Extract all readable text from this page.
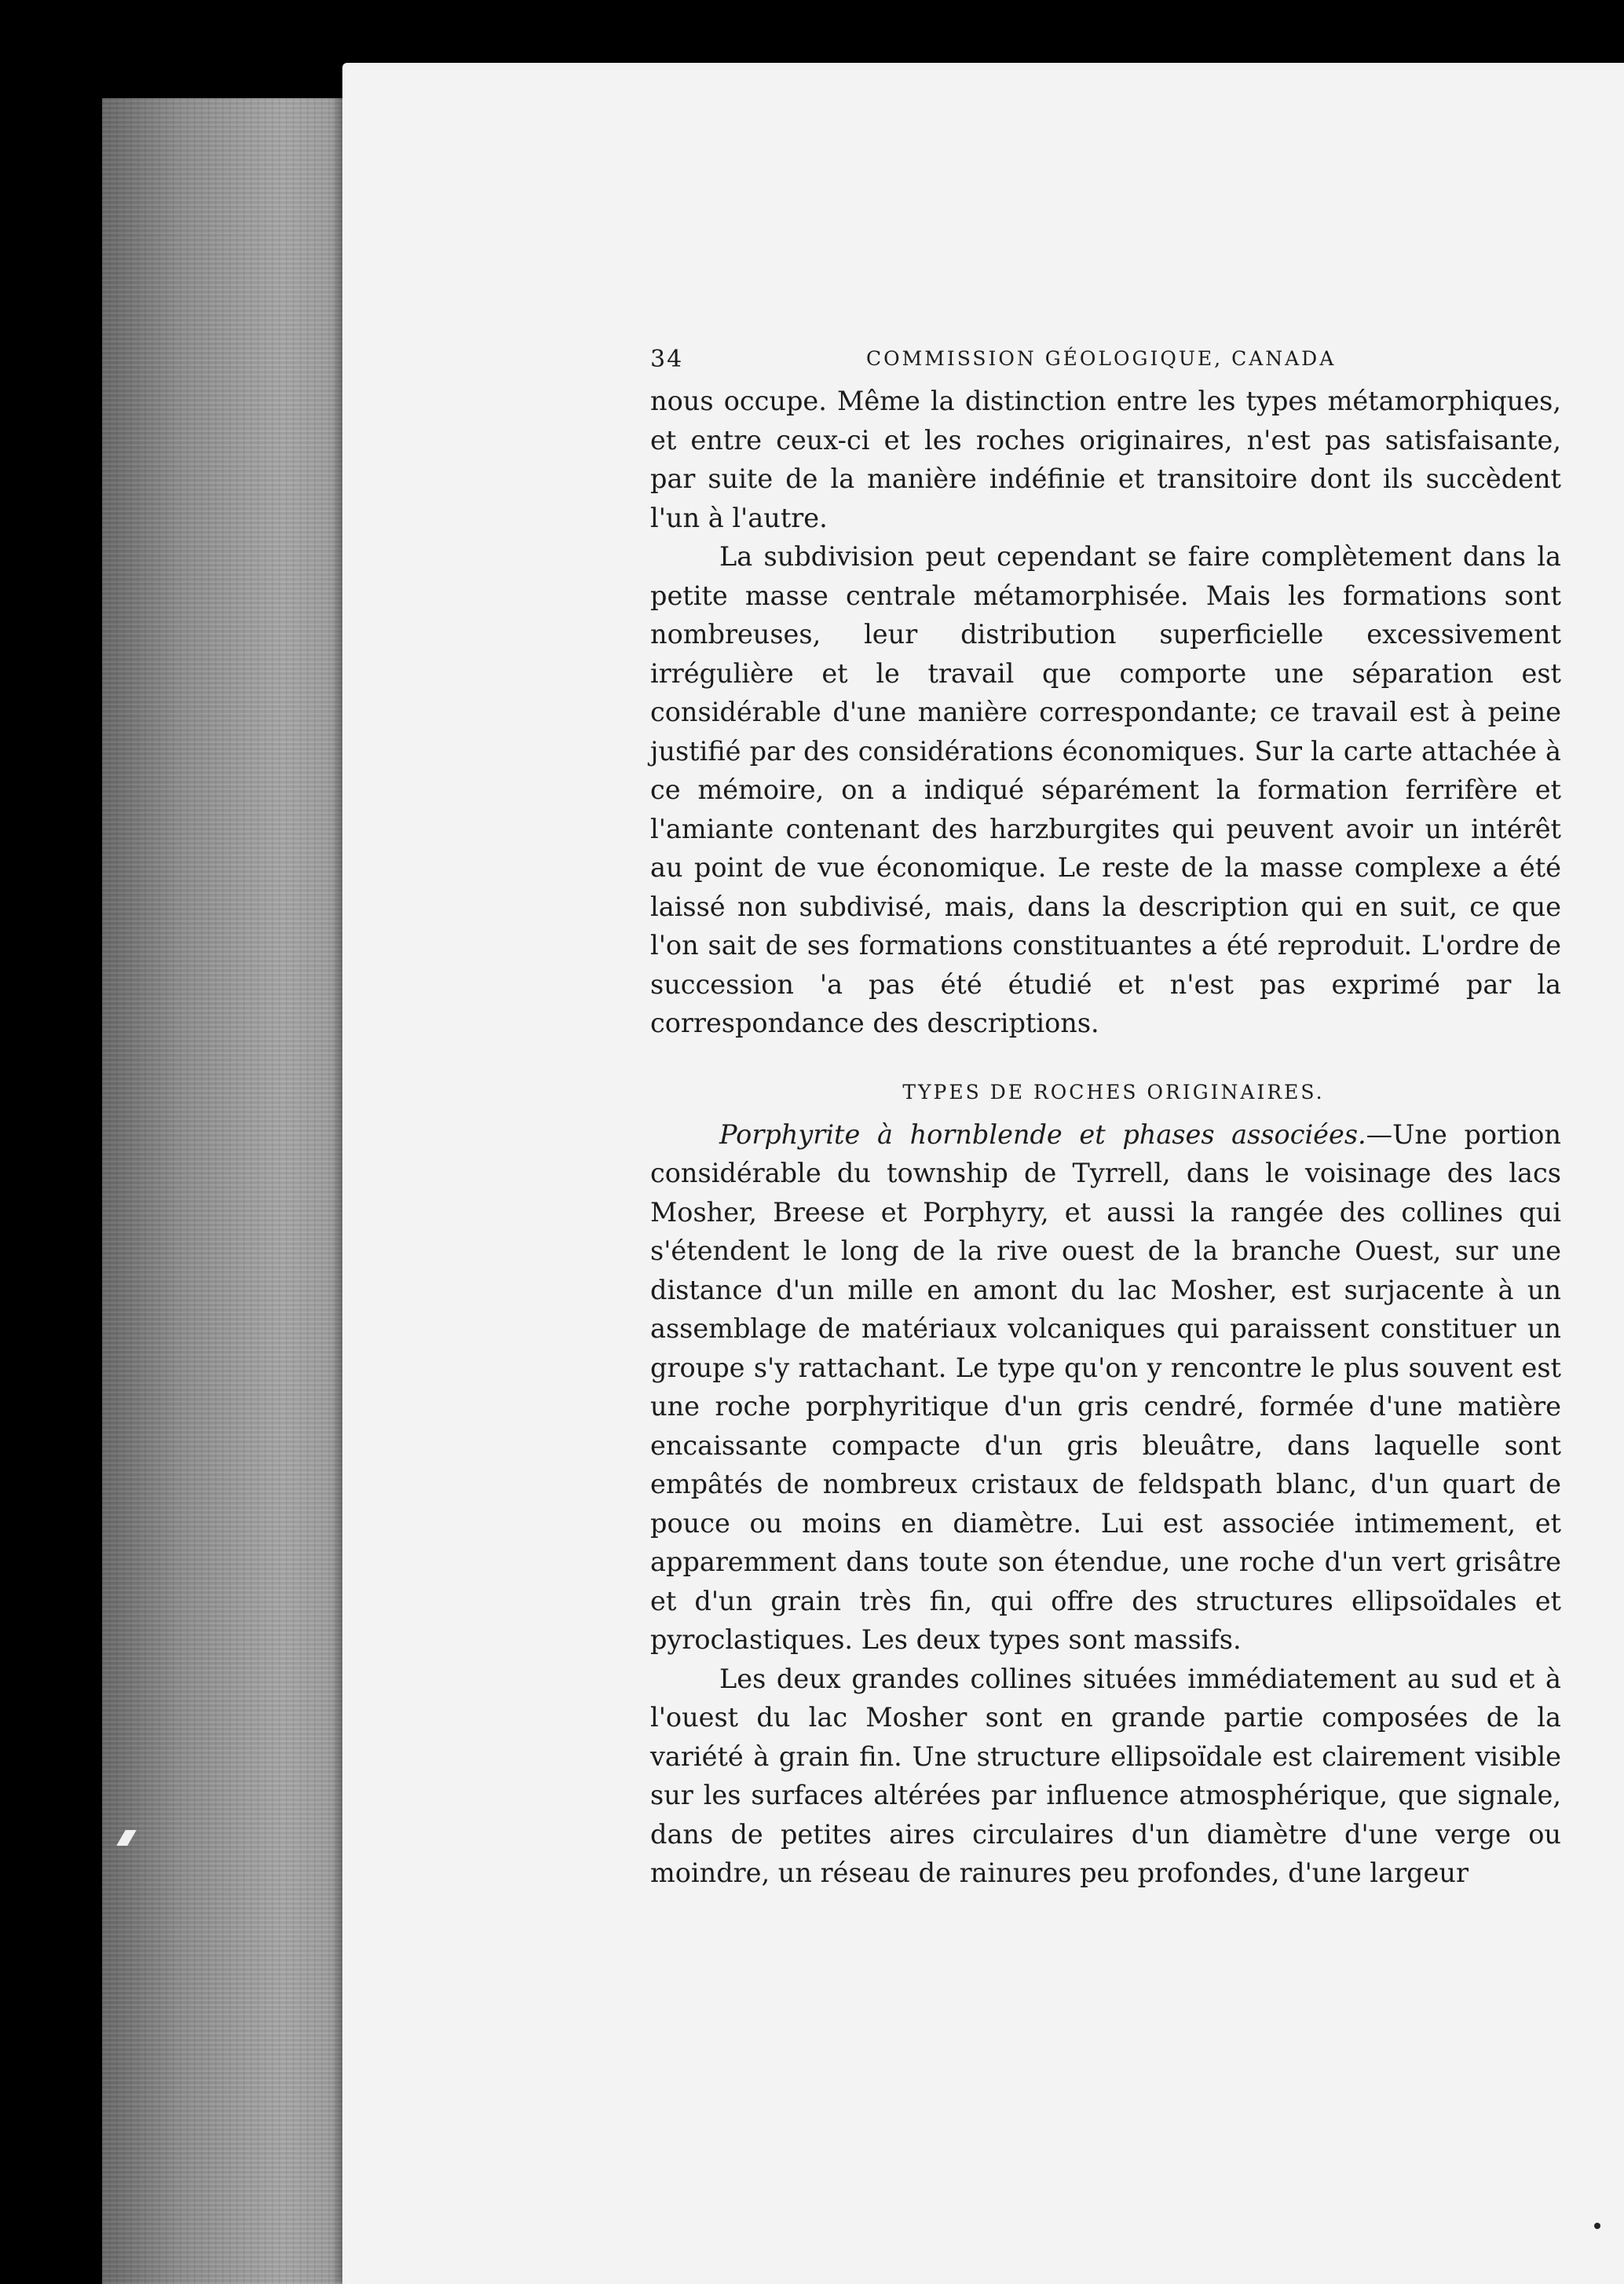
34	COMMISSION GÉOLOGIQUE, CANADA

nous occupe. Même la distinction entre les types métamorphiques, et entre ceux-ci et les roches originaires, n'est pas satisfaisante, par suite de la manière indéfinie et transitoire dont ils succèdent l'un à l'autre.

La subdivision peut cependant se faire complètement dans la petite masse centrale métamorphisée. Mais les formations sont nombreuses, leur distribution superficielle excessivement irrégulière et le travail que comporte une séparation est considérable d'une manière correspondante; ce travail est à peine justifié par des considérations économiques. Sur la carte attachée à ce mémoire, on a indiqué séparément la formation ferrifère et l'amiante contenant des harzburgites qui peuvent avoir un intérêt au point de vue économique. Le reste de la masse complexe a été laissé non subdivisé, mais, dans la description qui en suit, ce que l'on sait de ses formations constituantes a été reproduit. L'ordre de succession 'a pas été étudié et n'est pas exprimé par la correspondance des descriptions.

TYPES DE ROCHES ORIGINAIRES.

Porphyrite à hornblende et phases associées.—Une portion considérable du township de Tyrrell, dans le voisinage des lacs Mosher, Breese et Porphyry, et aussi la rangée des collines qui s'étendent le long de la rive ouest de la branche Ouest, sur une distance d'un mille en amont du lac Mosher, est surjacente à un assemblage de matériaux volcaniques qui paraissent constituer un groupe s'y rattachant. Le type qu'on y rencontre le plus souvent est une roche porphyritique d'un gris cendré, formée d'une matière encaissante compacte d'un gris bleuâtre, dans laquelle sont empâtés de nombreux cristaux de feldspath blanc, d'un quart de pouce ou moins en diamètre. Lui est associée intimement, et apparemment dans toute son étendue, une roche d'un vert grisâtre et d'un grain très fin, qui offre des structures ellipsoïdales et pyroclastiques. Les deux types sont massifs.

Les deux grandes collines situées immédiatement au sud et à l'ouest du lac Mosher sont en grande partie composées de la variété à grain fin. Une structure ellipsoïdale est clairement visible sur les surfaces altérées par influence atmosphérique, que signale, dans de petites aires circulaires d'un diamètre d'une verge ou moindre, un réseau de rainures peu profondes, d'une largeur
